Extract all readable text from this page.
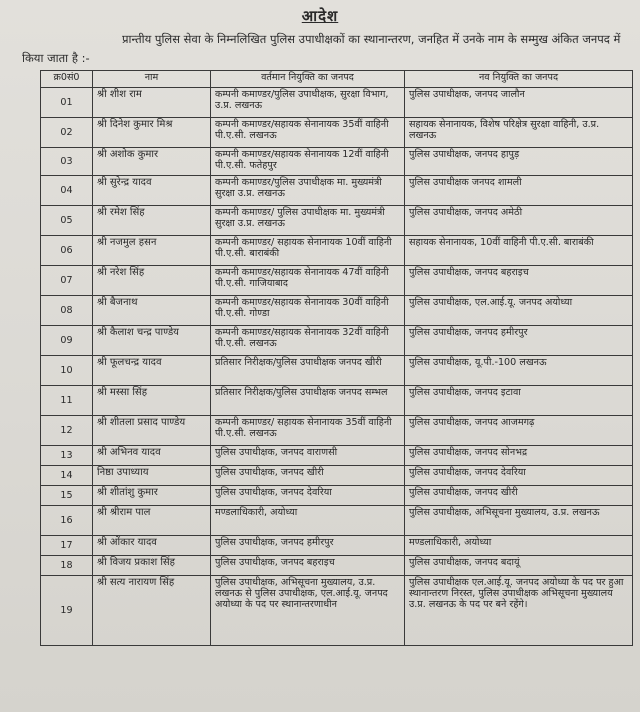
आदेश
प्रान्तीय पुलिस सेवा के निम्नलिखित पुलिस उपाधीक्षकों का स्थानान्तरण, जनहित में उनके नाम के सम्मुख अंकित जनपद में किया जाता है :-
क्र0सं0	नाम	वर्तमान नियुक्ति का जनपद	नव नियुक्ति का जनपद
01	श्री शीश राम	कम्पनी कमाण्डर/पुलिस उपाधीक्षक, सुरक्षा विभाग, उ.प्र. लखनऊ	पुलिस उपाधीक्षक, जनपद जालौन
02	श्री दिनेश कुमार मिश्र	कम्पनी कमाण्डर/सहायक सेनानायक 35वीं वाहिनी पी.ए.सी. लखनऊ	सहायक सेनानायक, विशेष परिक्षेत्र सुरक्षा वाहिनी, उ.प्र. लखनऊ
03	श्री अशोक कुमार	कम्पनी कमाण्डर/सहायक सेनानायक 12वीं वाहिनी पी.ए.सी. फतेहपुर	पुलिस उपाधीक्षक, जनपद हापुड़
04	श्री सुरेन्द्र यादव	कम्पनी कमाण्डर/पुलिस उपाधीक्षक मा. मुख्यमंत्री सुरक्षा उ.प्र. लखनऊ	पुलिस उपाधीक्षक जनपद शामली
05	श्री रमेश सिंह	कम्पनी कमाण्डर/ पुलिस उपाधीक्षक मा. मुख्यमंत्री सुरक्षा उ.प्र. लखनऊ	पुलिस उपाधीक्षक, जनपद अमेठी
06	श्री नजमुल हसन	कम्पनी कमाण्डर/ सहायक सेनानायक 10वीं वाहिनी पी.ए.सी. बाराबंकी	सहायक सेनानायक, 10वीं वाहिनी पी.ए.सी. बाराबंकी
07	श्री नरेश सिंह	कम्पनी कमाण्डर/सहायक सेनानायक 47वीं वाहिनी पी.ए.सी. गाजियाबाद	पुलिस उपाधीक्षक, जनपद बहराइच
08	श्री बैजनाथ	कम्पनी कमाण्डर/सहायक सेनानायक 30वीं वाहिनी पी.ए.सी. गोण्डा	पुलिस उपाधीक्षक, एल.आई.यू. जनपद अयोध्या
09	श्री कैलाश चन्द्र पाण्डेय	कम्पनी कमाण्डर/सहायक सेनानायक 32वीं वाहिनी पी.ए.सी. लखनऊ	पुलिस उपाधीक्षक, जनपद हमीरपुर
10	श्री फूलचन्द्र यादव	प्रतिसार निरीक्षक/पुलिस उपाधीक्षक जनपद खीरी	पुलिस उपाधीक्षक, यू.पी.-100 लखनऊ
11	श्री मस्सा सिंह	प्रतिसार निरीक्षक/पुलिस उपाधीक्षक जनपद सम्भल	पुलिस उपाधीक्षक, जनपद इटावा
12	श्री शीतला प्रसाद पाण्डेय	कम्पनी कमाण्डर/ सहायक सेनानायक 35वीं वाहिनी पी.ए.सी. लखनऊ	पुलिस उपाधीक्षक, जनपद आजमगढ़
13	श्री अभिनव यादव	पुलिस उपाधीक्षक, जनपद वाराणसी	पुलिस उपाधीक्षक, जनपद सोनभद्र
14	निष्ठा उपाध्याय	पुलिस उपाधीक्षक, जनपद खीरी	पुलिस उपाधीक्षक, जनपद देवरिया
15	श्री शीतांशु कुमार	पुलिस उपाधीक्षक, जनपद देवरिया	पुलिस उपाधीक्षक, जनपद खीरी
16	श्री श्रीराम पाल	मण्डलाधिकारी, अयोध्या	पुलिस उपाधीक्षक, अभिसूचना मुख्यालय, उ.प्र. लखनऊ
17	श्री ओंकार यादव	पुलिस उपाधीक्षक, जनपद हमीरपुर	मण्डलाधिकारी, अयोध्या
18	श्री विजय प्रकाश सिंह	पुलिस उपाधीक्षक, जनपद बहराइच	पुलिस उपाधीक्षक, जनपद बदायूं
19	श्री सत्य नारायण सिंह	पुलिस उपाधीक्षक, अभिसूचना मुख्यालय, उ.प्र. लखनऊ से पुलिस उपाधीक्षक, एल.आई.यू. जनपद अयोध्या के पद पर स्थानान्तरणाधीन	पुलिस उपाधीक्षक एल.आई.यू. जनपद अयोध्या के पद पर हुआ स्थानान्तरण निरस्त, पुलिस उपाधीक्षक अभिसूचना मुख्यालय उ.प्र. लखनऊ के पद पर बने रहेंगे।
